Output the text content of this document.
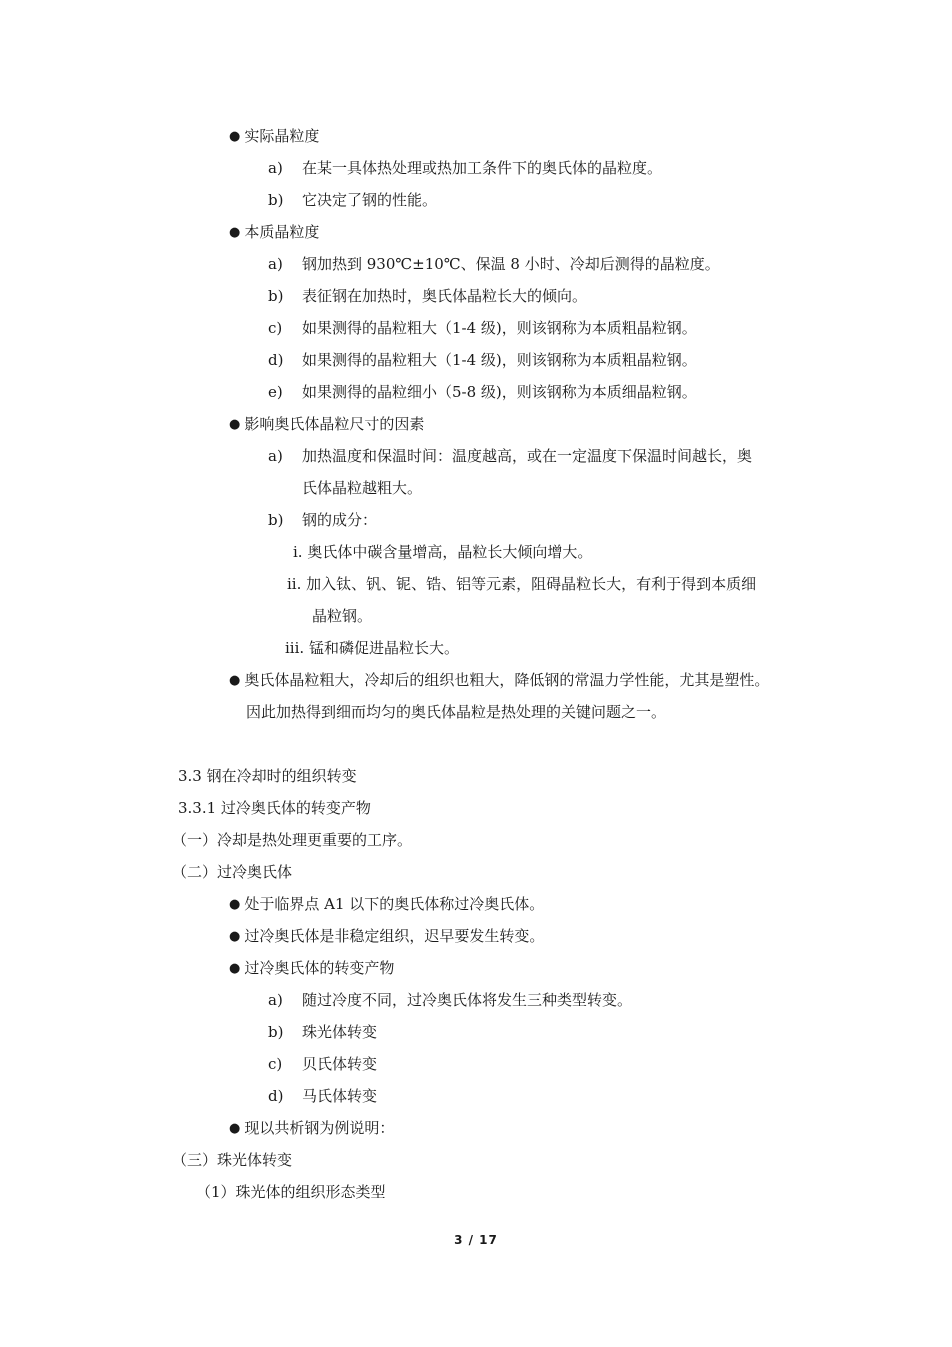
● 实际晶粒度
a) 在某一具体热处理或热加工条件下的奥氏体的晶粒度。
b) 它决定了钢的性能。
● 本质晶粒度
a) 钢加热到 930℃±10℃、保温 8 小时、冷却后测得的晶粒度。
b) 表征钢在加热时，奥氏体晶粒长大的倾向。
c) 如果测得的晶粒粗大（1-4 级)，则该钢称为本质粗晶粒钢。
d) 如果测得的晶粒粗大（1-4 级)，则该钢称为本质粗晶粒钢。
e) 如果测得的晶粒细小（5-8 级)，则该钢称为本质细晶粒钢。
● 影响奥氏体晶粒尺寸的因素
a) 加热温度和保温时间：温度越高，或在一定温度下保温时间越长，奥
氏体晶粒越粗大。
b) 钢的成分：
i. 奥氏体中碳含量增高，晶粒长大倾向增大。
ii. 加入钛、钒、铌、锆、铝等元素，阻碍晶粒长大，有利于得到本质细
晶粒钢。
iii. 锰和磷促进晶粒长大。
● 奥氏体晶粒粗大，冷却后的组织也粗大，降低钢的常温力学性能，尤其是塑性。
因此加热得到细而均匀的奥氏体晶粒是热处理的关键问题之一。
3.3 钢在冷却时的组织转变
3.3.1 过冷奥氏体的转变产物
（一）冷却是热处理更重要的工序。
（二）过冷奥氏体
● 处于临界点 A1 以下的奥氏体称过冷奥氏体。
● 过冷奥氏体是非稳定组织，迟早要发生转变。
● 过冷奥氏体的转变产物
a) 随过冷度不同，过冷奥氏体将发生三种类型转变。
b) 珠光体转变
c) 贝氏体转变
d) 马氏体转变
● 现以共析钢为例说明：
（三）珠光体转变
（1）珠光体的组织形态类型
3 / 17
